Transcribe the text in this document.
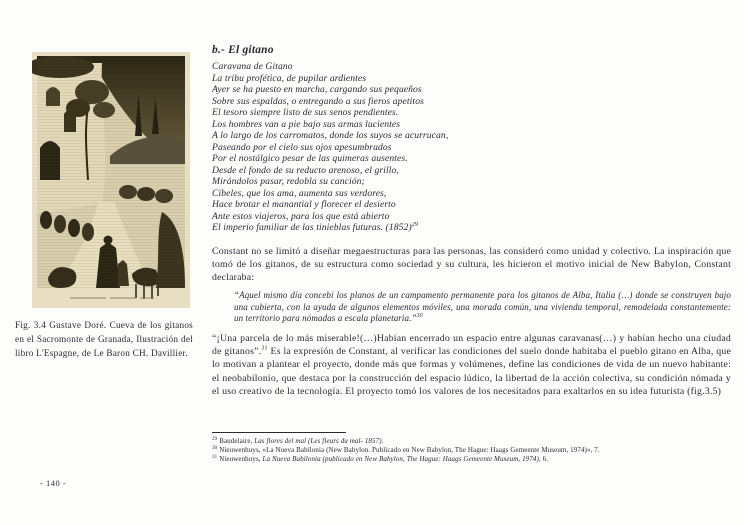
Fig. 3.4 Gustave Doré. Cueva de los gitanos en el Sacromonte de Granada, Ilustración del libro L'Espagne, de Le Baron CH. Davillier.
- 140 -
b.- El gitano
Caravana de Gitano
La tribu profética, de pupilar ardientes
Ayer se ha puesto en marcha, cargando sus pequeños
Sobre sus espaldas, o entregando a sus fieros apetitos
El tesoro siempre listo de sus senos pendientes.
Los hombres van a pie bajo sus armas lucientes
A lo largo de los carromatos, donde los suyos se acurrucan,
Paseando por el cielo sus ojos apesumbrados
Por el nostálgico pesar de las quimeras ausentes.
Desde el fondo de su reducto arenoso, el grillo,
Mirándolos pasar, redobla su canción;
Cíbeles, que los ama, aumenta sus verdores,
Hace brotar el manantial y florecer el desierto
Ante estos viajeros, para los que está abierto
El imperio familiar de las tinieblas futuras. $(1852)^{29}$
Constant no se limitó a diseñar megaestructuras para las personas, las consideró como unidad y colectivo. La inspiración que tomó de los gitanos, de su estructura como sociedad y su cultura, les hicieron el motivo inicial de New Babylon, Constant declaraba:
“Aquel mismo día concebí los planos de un campamento permanente para los gitanos de Alba, Italia (…) donde se construyen bajo una cubierta, con la ayuda de algunos elementos móviles, una morada común, una vivienda temporal, remodelada constantemente: un territorio para nómadas a escala planetaria.”$^{30}$
“¡Una parcela de lo más miserable!(…)Habían encerrado un espacio entre algunas caravanas(…) y habían hecho una ciudad de gitanos”.$^{31}$ Es la expresión de Constant, al verificar las condiciones del suelo donde habitaba el pueblo gitano en Alba, que lo motivan a plantear el proyecto, donde más que formas y volúmenes, define las condiciones de vida de un nuevo habitante: el neobabilonio, que destaca por la construcción del espacio lúdico, la libertad de la acción colectiva, su condición nómada y el uso creativo de la tecnología. El proyecto tomó los valores de los necesitados para exaltarlos en su idea futurista (fig.3.5)
$^{29}$ Baudelaire, Las flores del mal (Les fleurs du mal- 1857).
$^{30}$ Nieuwenhuys, «La Nueva Babilonia (New Babylon. Publicado en New Babylon, The Hague: Haags Gemeente Museum, 1974)», 7.
$^{31}$ Nieuwenhuys, La Nueva Babilonia (publicado en New Babylon, The Hague: Haags Gemeente Museum, 1974), 6.
